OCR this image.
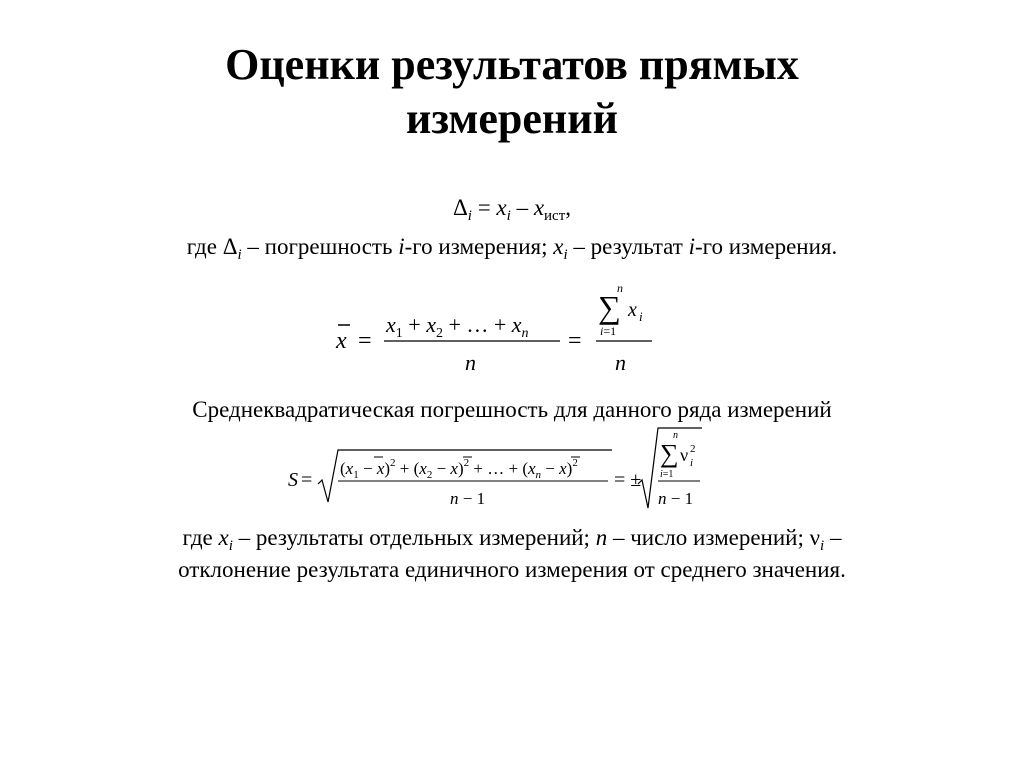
Оценки результатов прямых
измерений
$\Delta_i = x_i - x_{ист}$,
где $\Delta_i$ – погрешность i-го измерения; $x_i$ – результат i-го измерения.
x =
$x_1 + x_2$ + … + $x_n$
n
=
n
∑ x i
i=1
n
Среднеквадратическая погрешность для данного ряда измерений
S =
$(x_1 - x)^2 + (x_2 - x)^2$ + … + $(x_n - x)^2$
n − 1
= ±
n
∑ ν 2
i
i=1
n − 1
где $x_i$ – результаты отдельных измерений; n – число измерений; $\nu_i$ –
отклонение результата единичного измерения от среднего значения.
